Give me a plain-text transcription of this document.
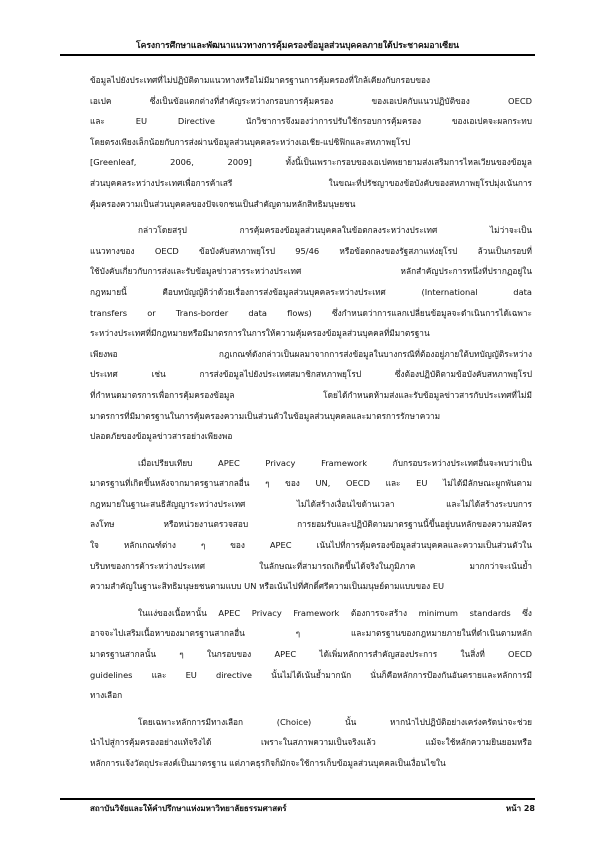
โครงการศึกษาและพัฒนาแนวทางการคุ้มครองข้อมูลส่วนบุคคลภายใต้ประชาคมอาเซียน

ข้อมูลไปยังประเทศที่ไม่ปฏิบัติตามแนวทางหรือไม่มีมาตรฐานการคุ้มครองที่ใกล้เคียงกับกรอบของ
เอเปค ซึ่งเป็นข้อแตกต่างที่สำคัญระหว่างกรอบการคุ้มครอง ของเอเปคกับแนวปฏิบัติของ OECD
และ EU Directive นักวิชาการจึงมองว่าการปรับใช้กรอบการคุ้มครอง ของเอเปคจะผลกระทบ
โดยตรงเพียงเล็กน้อยกับการส่งผ่านข้อมูลส่วนบุคคลระหว่างเอเชีย-แปซิฟิกและสหภาพยุโรป
[Greenleaf, 2006, 2009] ทั้งนี้เป็นเพราะกรอบของเอเปคพยายามส่งเสริมการไหลเวียนของข้อมูล
ส่วนบุคคลระหว่างประเทศเพื่อการค้าเสรี ในขณะที่ปรัชญาของข้อบังคับของสหภาพยุโรปมุ่งเน้นการ
คุ้มครองความเป็นส่วนบุคคลของปัจเจกชนเป็นสำคัญตามหลักสิทธิมนุษยชน

กล่าวโดยสรุป การคุ้มครองข้อมูลส่วนบุคคลในข้อตกลงระหว่างประเทศ ไม่ว่าจะเป็น
แนวทางของ OECD ข้อบังคับสหภาพยุโรป 95/46 หรือข้อตกลงของรัฐสภาแห่งยุโรป ล้วนเป็นกรอบที่
ใช้บังคับเกี่ยวกับการส่งและรับข้อมูลข่าวสารระหว่างประเทศ หลักสำคัญประการหนึ่งที่ปรากฏอยู่ใน
กฎหมายนี้ คือบทบัญญัติว่าด้วยเรื่องการส่งข้อมูลส่วนบุคคลระหว่างประเทศ (International data
transfers or Trans-border data flows) ซึ่งกำหนดว่าการแลกเปลี่ยนข้อมูลจะดำเนินการได้เฉพาะ
ระหว่างประเทศที่มีกฎหมายหรือมีมาตรการในการให้ความคุ้มครองข้อมูลส่วนบุคคลที่มีมาตรฐาน
เพียงพอ กฎเกณฑ์ดังกล่าวเป็นผลมาจากการส่งข้อมูลในบางกรณีที่ต้องอยู่ภายใต้บทบัญญัติระหว่าง
ประเทศ เช่น การส่งข้อมูลไปยังประเทศสมาชิกสหภาพยุโรป ซึ่งต้องปฏิบัติตามข้อบังคับสหภาพยุโรป
ที่กำหนดมาตรการเพื่อการคุ้มครองข้อมูล โดยได้กำหนดห้ามส่งและรับข้อมูลข่าวสารกับประเทศที่ไม่มี
มาตรการที่มีมาตรฐานในการคุ้มครองความเป็นส่วนตัวในข้อมูลส่วนบุคคลและมาตรการรักษาความ
ปลอดภัยของข้อมูลข่าวสารอย่างเพียงพอ

เมื่อเปรียบเทียบ APEC Privacy Framework กับกรอบระหว่างประเทศอื่นจะพบว่าเป็น
มาตรฐานที่เกิดขึ้นหลังจากมาตรฐานสากลอื่น ๆ ของ UN, OECD และ EU ไม่ได้มีลักษณะผูกพันตาม
กฎหมายในฐานะสนธิสัญญาระหว่างประเทศ ไม่ได้สร้างเงื่อนไขด้านเวลา และไม่ได้สร้างระบบการ
ลงโทษ หรือหน่วยงานตรวจสอบ การยอมรับและปฏิบัติตามมาตรฐานนี้ขึ้นอยู่บนหลักของความสมัคร
ใจ หลักเกณฑ์ต่าง ๆ ของ APEC เน้นไปที่การคุ้มครองข้อมูลส่วนบุคคลและความเป็นส่วนตัวใน
บริบทของการค้าระหว่างประเทศ ในลักษณะที่สามารถเกิดขึ้นได้จริงในภูมิภาค มากกว่าจะเน้นย้ำ
ความสำคัญในฐานะสิทธิมนุษยชนตามแบบ UN หรือเน้นไปที่ศักดิ์ศรีความเป็นมนุษย์ตามแบบของ EU

ในแง่ของเนื้อหานั้น APEC Privacy Framework ต้องการจะสร้าง minimum standards ซึ่ง
อาจจะไปเสริมเนื้อหาของมาตรฐานสากลอื่น ๆ และมาตรฐานของกฎหมายภายในที่ดำเนินตามหลัก
มาตรฐานสากลนั้น ๆ ในกรอบของ APEC ได้เพิ่มหลักการสำคัญสองประการ ในสิ่งที่ OECD
guidelines และ EU directive นั้นไม่ได้เน้นย้ำมากนัก นั่นก็คือหลักการป้องกันอันตรายและหลักการมี
ทางเลือก

โดยเฉพาะหลักการมีทางเลือก (Choice) นั้น หากนำไปปฏิบัติอย่างเคร่งครัดน่าจะช่วย
นำไปสู่การคุ้มครองอย่างแท้จริงได้ เพราะในสภาพความเป็นจริงแล้ว แม้จะใช้หลักความยินยอมหรือ
หลักการแจ้งวัตถุประสงค์เป็นมาตรฐาน แต่ภาคธุรกิจก็มักจะใช้การเก็บข้อมูลส่วนบุคคลเป็นเงื่อนไขใน

สถาบันวิจัยและให้คำปรึกษาแห่งมหาวิทยาลัยธรรมศาสตร์	หน้า 28
